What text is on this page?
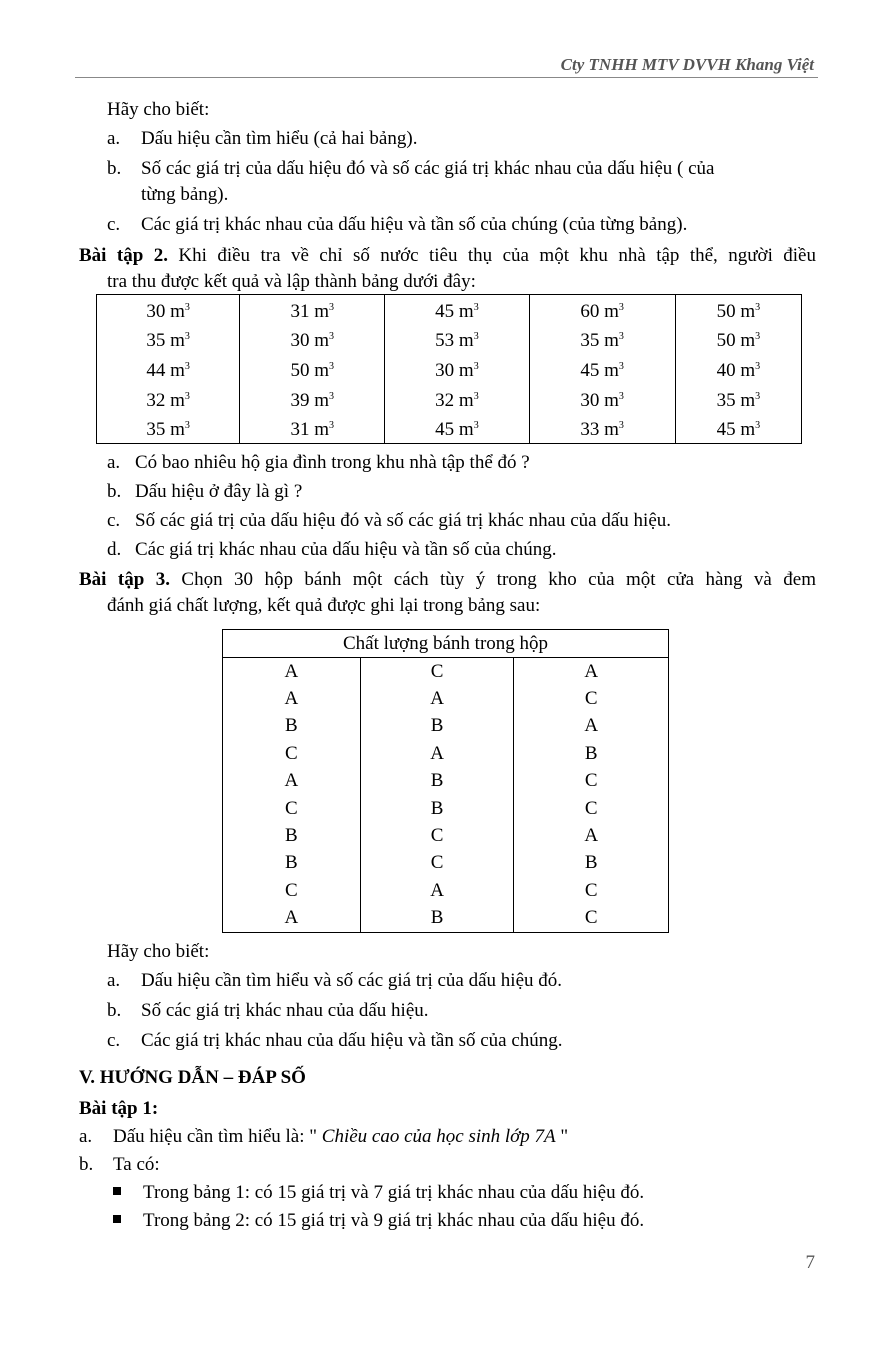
Cty TNHH MTV DVVH Khang Việt
Hãy cho biết:
a. Dấu hiệu cần tìm hiểu (cả hai bảng).
b. Số các giá trị của dấu hiệu đó và số các giá trị khác nhau của dấu hiệu ( của
từng bảng).
c. Các giá trị khác nhau của dấu hiệu và tần số của chúng (của từng bảng).
Bài tập 2. Khi điều tra về chỉ số nước tiêu thụ của một khu nhà tập thể, người điều
tra thu được kết quả và lập thành bảng dưới đây:
30 $m^3$	31 $m^3$	45 $m^3$	60 $m^3$	50 $m^3$
35 $m^3$	30 $m^3$	53 $m^3$	35 $m^3$	50 $m^3$
44 $m^3$	50 $m^3$	30 $m^3$	45 $m^3$	40 $m^3$
32 $m^3$	39 $m^3$	32 $m^3$	30 $m^3$	35 $m^3$
35 $m^3$	31 $m^3$	45 $m^3$	33 $m^3$	45 $m^3$
a. Có bao nhiêu hộ gia đình trong khu nhà tập thể đó ?
b. Dấu hiệu ở đây là gì ?
c. Số các giá trị của dấu hiệu đó và số các giá trị khác nhau của dấu hiệu.
d. Các giá trị khác nhau của dấu hiệu và tần số của chúng.
Bài tập 3. Chọn 30 hộp bánh một cách tùy ý trong kho của một cửa hàng và đem
đánh giá chất lượng, kết quả được ghi lại trong bảng sau:
Chất lượng bánh trong hộp		
A	C	A
A	A	C
B	B	A
C	A	B
A	B	C
C	B	C
B	C	A
B	C	B
C	A	C
A	B	C
Hãy cho biết:
a. Dấu hiệu cần tìm hiểu và số các giá trị của dấu hiệu đó.
b. Số các giá trị khác nhau của dấu hiệu.
c. Các giá trị khác nhau của dấu hiệu và tần số của chúng.
V. HƯỚNG DẪN – ĐÁP SỐ
Bài tập 1:
a. Dấu hiệu cần tìm hiểu là: " Chiều cao của học sinh lớp 7A "
b. Ta có:
Trong bảng 1: có 15 giá trị và 7 giá trị khác nhau của dấu hiệu đó.
Trong bảng 2: có 15 giá trị và 9 giá trị khác nhau của dấu hiệu đó.
7
